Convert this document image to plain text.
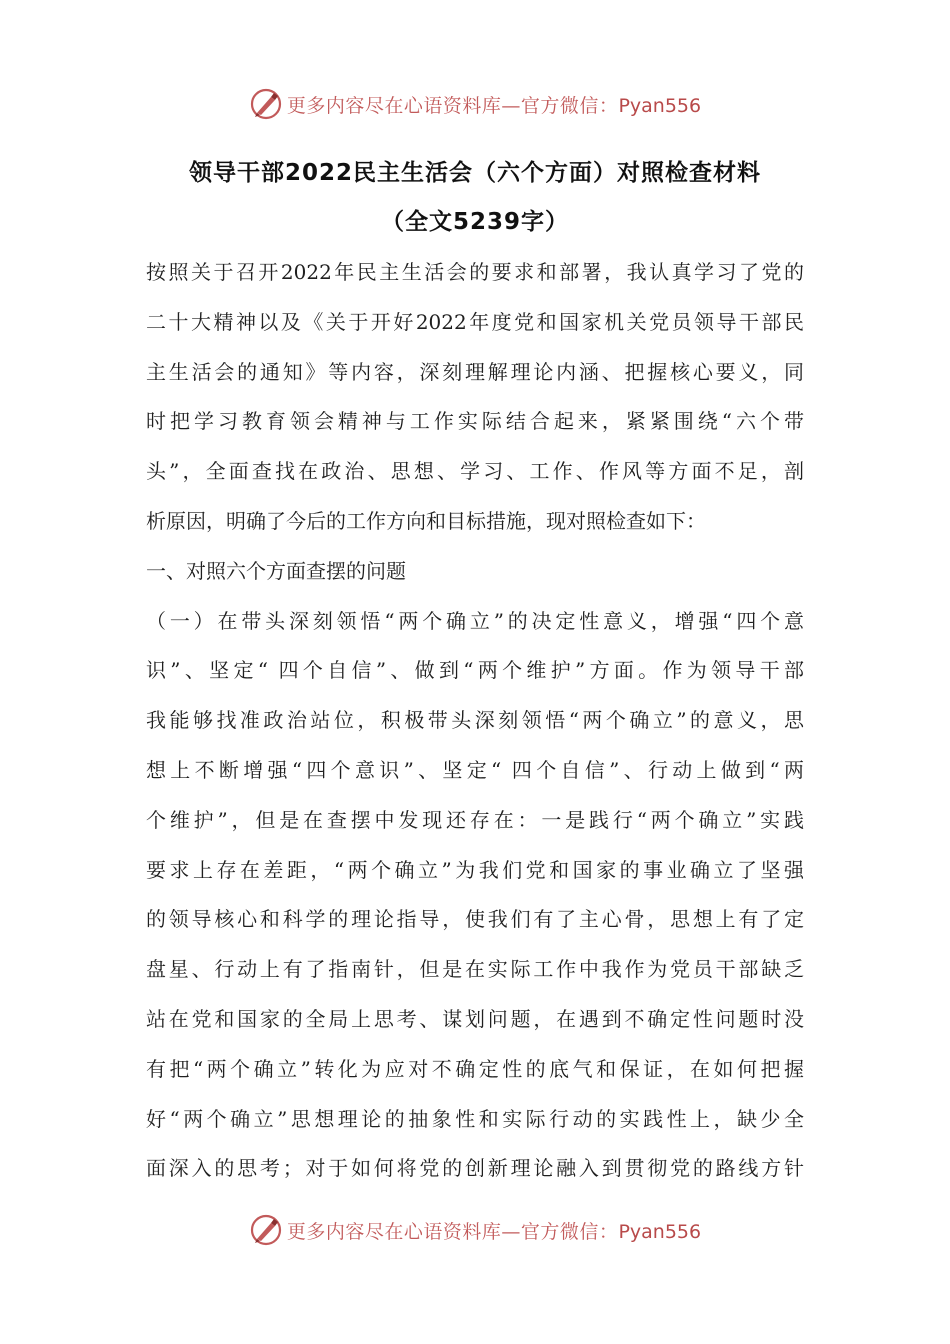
更多内容尽在心语资料库—官方微信：Pyan556
领导干部2022民主生活会（六个方面）对照检查材料
（全文5239字）
按照关于召开2022年民主生活会的要求和部署，我认真学习了党的
二十大精神以及《关于开好2022年度党和国家机关党员领导干部民
主生活会的通知》等内容，深刻理解理论内涵、把握核心要义，同
时把学习教育领会精神与工作实际结合起来，紧紧围绕“六个带
头”，全面查找在政治、思想、学习、工作、作风等方面不足，剖
析原因，明确了今后的工作方向和目标措施，现对照检查如下：
一、对照六个方面查摆的问题
（一）在带头深刻领悟“两个确立”的决定性意义，增强“四个意
识”、坚定“ 四个自信”、做到“两个维护”方面。作为领导干部
我能够找准政治站位，积极带头深刻领悟“两个确立”的意义，思
想上不断增强“四个意识”、坚定“ 四个自信”、行动上做到“两
个维护”，但是在查摆中发现还存在：一是践行“两个确立”实践
要求上存在差距，“两个确立”为我们党和国家的事业确立了坚强
的领导核心和科学的理论指导，使我们有了主心骨，思想上有了定
盘星、行动上有了指南针，但是在实际工作中我作为党员干部缺乏
站在党和国家的全局上思考、谋划问题，在遇到不确定性问题时没
有把“两个确立”转化为应对不确定性的底气和保证，在如何把握
好“两个确立”思想理论的抽象性和实际行动的实践性上，缺少全
面深入的思考；对于如何将党的创新理论融入到贯彻党的路线方针
更多内容尽在心语资料库—官方微信：Pyan556
